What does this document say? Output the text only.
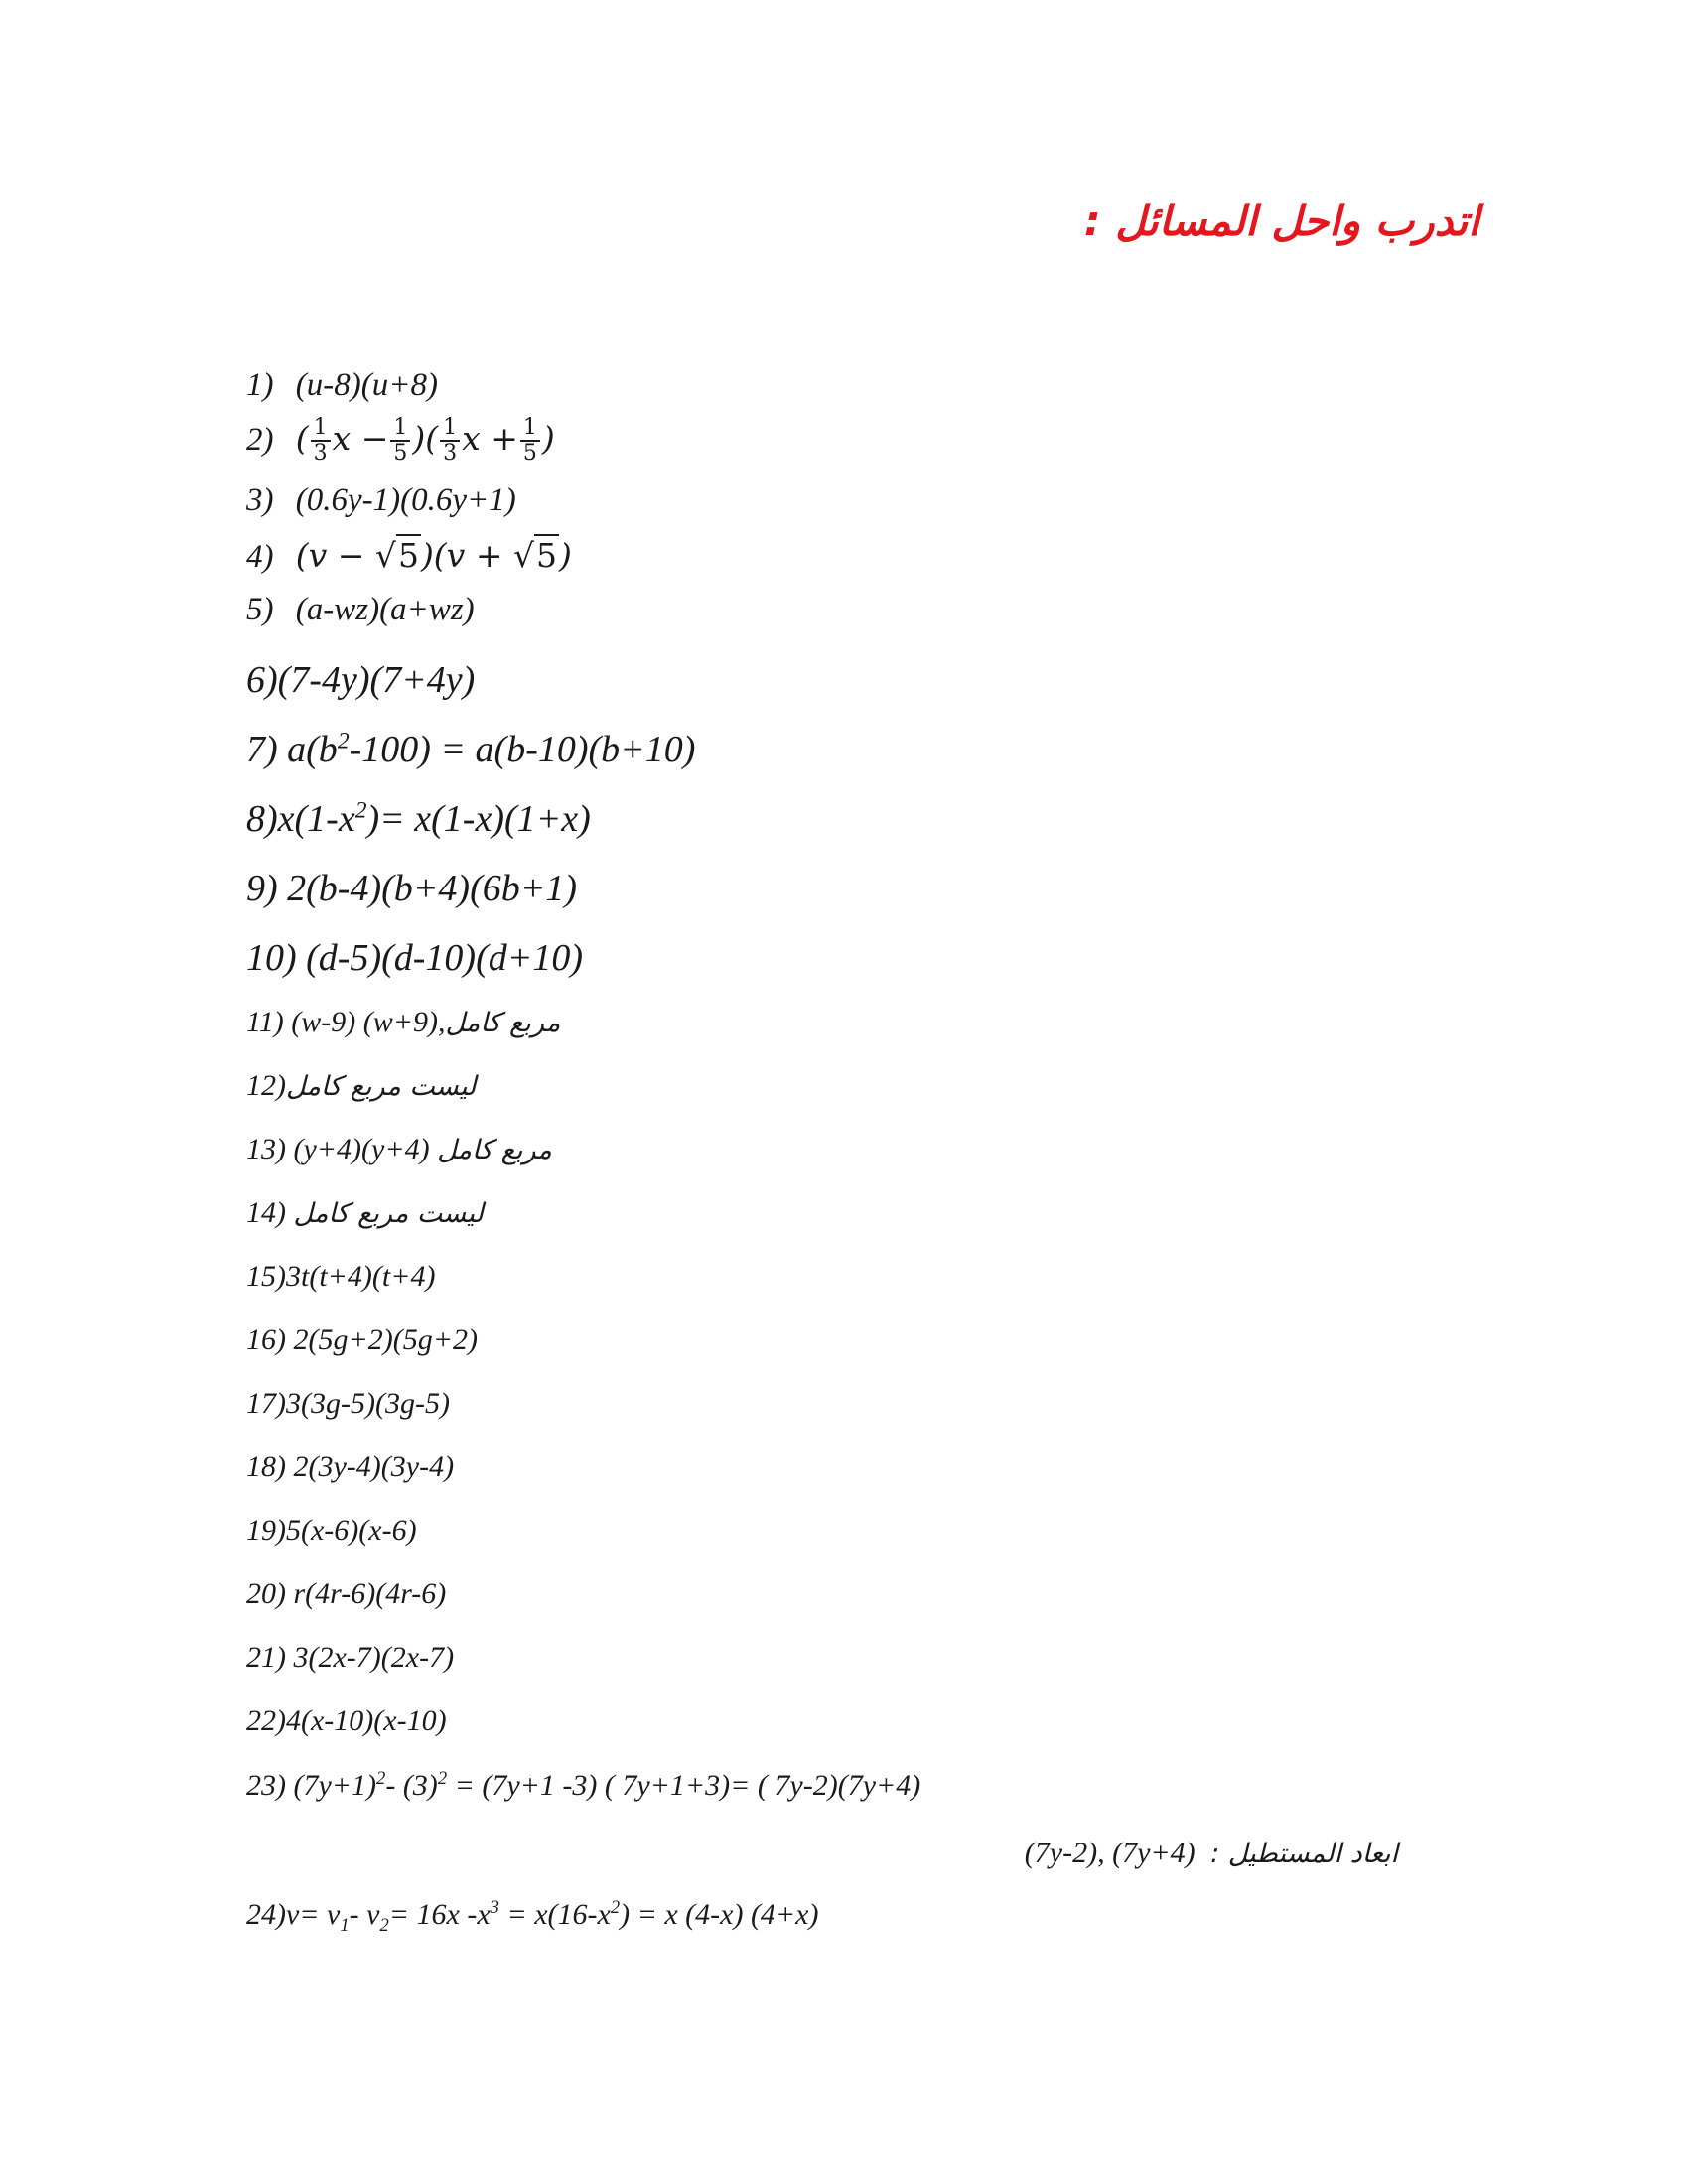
اتدرب واحل المسائل :
1) (u-8)(u+8)
2) ( $\frac{1}{3}$ $x - \frac{1}{5}$ )( $\frac{1}{3}$ $x + \frac{1}{5}$ )
3) (0.6y-1)(0.6y+1)
4) (v − √5)(v + √5)
5) (a-wz)(a+wz)
6)(7-4y)(7+4y)
7) $a(b^2-100) = a(b-10)(b+10)$
$8)x(1-x^2)= x(1-x)(1+x)$
9) 2(b-4)(b+4)(6b+1)
10) (d-5)(d-10)(d+10)
11) (w-9) (w+9),مربع كامل
12)ليست مربع كامل
13) (y+4)(y+4) مربع كامل
14) ليست مربع كامل
15)3t(t+4)(t+4)
16) 2(5g+2)(5g+2)
17)3(3g-5)(3g-5)
18) 2(3y-4)(3y-4)
19)5(x-6)(x-6)
20) r(4r-6)(4r-6)
21) 3(2x-7)(2x-7)
22)4(x-10)(x-10)
23) $(7y+1)^2-$ $(3)^2 = (7y+1$ -3) ( 7y+1+3)= ( 7y-2)(7y+4)
(7y-2), (7y+4) ابعاد المستطيل :
$24)v= v_1-$ $v_2= 16x$ $-x^3 = x(16-x^2) = x$ (4-x) (4+x)
